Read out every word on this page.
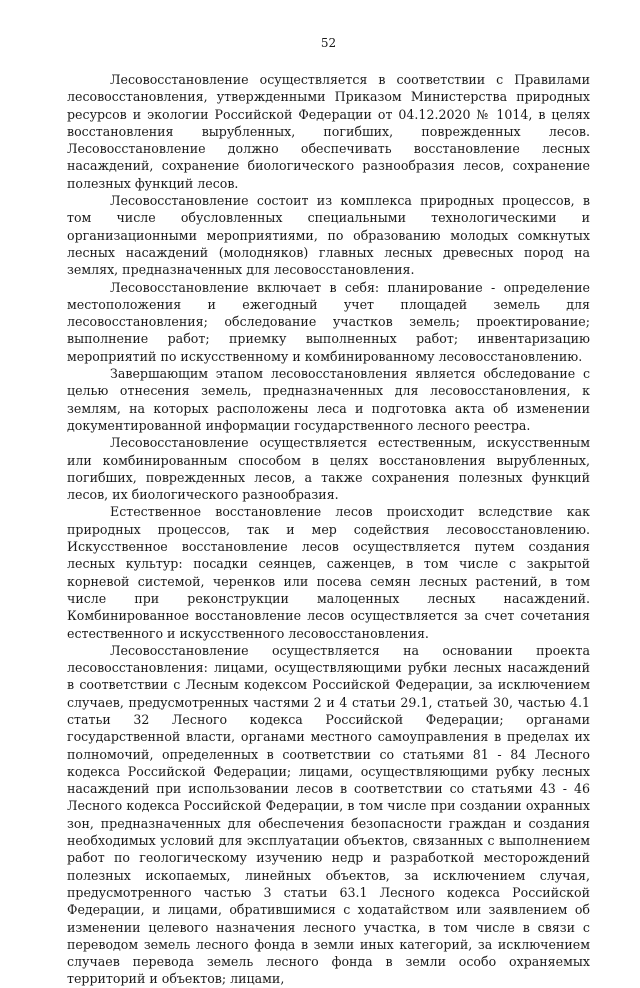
52

Лесовосстановление осуществляется в соответствии с Правилами лесовосстановления, утвержденными Приказом Министерства природных ресурсов и экологии Российской Федерации от 04.12.2020 № 1014, в целях восстановления вырубленных, погибших, поврежденных лесов. Лесовосстановление должно обеспечивать восстановление лесных насаждений, сохранение биологического разнообразия лесов, сохранение полезных функций лесов.

Лесовосстановление состоит из комплекса природных процессов, в том числе обусловленных специальными технологическими и организационными мероприятиями, по образованию молодых сомкнутых лесных насаждений (молодняков) главных лесных древесных пород на землях, предназначенных для лесовосстановления.

Лесовосстановление включает в себя: планирование - определение местоположения и ежегодный учет площадей земель для лесовосстановления; обследование участков земель; проектирование; выполнение работ; приемку выполненных работ; инвентаризацию мероприятий по искусственному и комбинированному лесовосстановлению.

Завершающим этапом лесовосстановления является обследование с целью отнесения земель, предназначенных для лесовосстановления, к землям, на которых расположены леса и подготовка акта об изменении документированной информации государственного лесного реестра.

Лесовосстановление осуществляется естественным, искусственным или комбинированным способом в целях восстановления вырубленных, погибших, поврежденных лесов, а также сохранения полезных функций лесов, их биологического разнообразия.

Естественное восстановление лесов происходит вследствие как природных процессов, так и мер содействия лесовосстановлению. Искусственное восстановление лесов осуществляется путем создания лесных культур: посадки сеянцев, саженцев, в том числе с закрытой корневой системой, черенков или посева семян лесных растений, в том числе при реконструкции малоценных лесных насаждений. Комбинированное восстановление лесов осуществляется за счет сочетания естественного и искусственного лесовосстановления.

Лесовосстановление осуществляется на основании проекта лесовосстановления: лицами, осуществляющими рубки лесных насаждений в соответствии с Лесным кодексом Российской Федерации, за исключением случаев, предусмотренных частями 2 и 4 статьи 29.1, статьей 30, частью 4.1 статьи 32 Лесного кодекса Российской Федерации; органами государственной власти, органами местного самоуправления в пределах их полномочий, определенных в соответствии со статьями 81 - 84 Лесного кодекса Российской Федерации; лицами, осуществляющими рубку лесных насаждений при использовании лесов в соответствии со статьями 43 - 46 Лесного кодекса Российской Федерации, в том числе при создании охранных зон, предназначенных для обеспечения безопасности граждан и создания необходимых условий для эксплуатации объектов, связанных с выполнением работ по геологическому изучению недр и разработкой месторождений полезных ископаемых, линейных объектов, за исключением случая, предусмотренного частью 3 статьи 63.1 Лесного кодекса Российской Федерации, и лицами, обратившимися с ходатайством или заявлением об изменении целевого назначения лесного участка, в том числе в связи с переводом земель лесного фонда в земли иных категорий, за исключением случаев перевода земель лесного фонда в земли особо охраняемых территорий и объектов; лицами,
